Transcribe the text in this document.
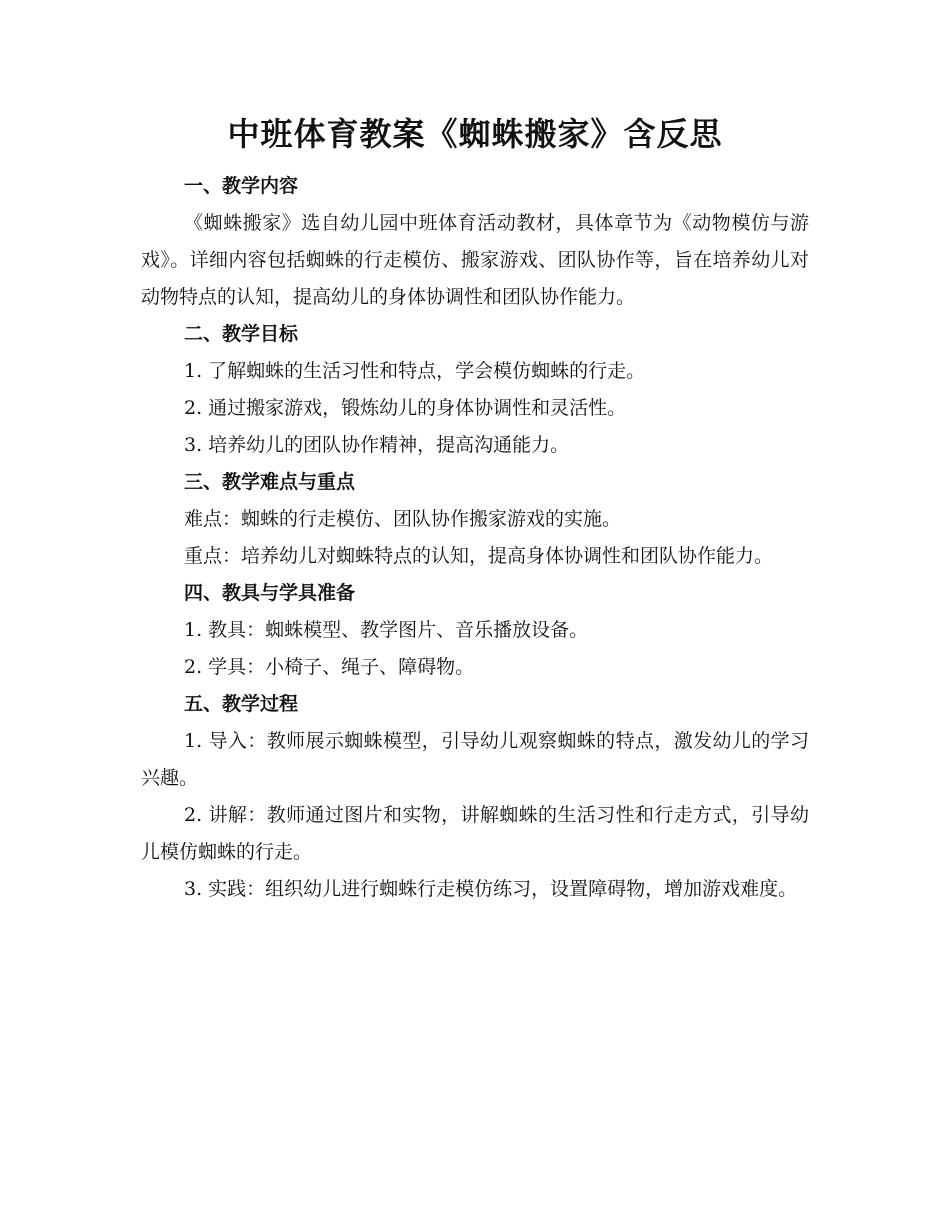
中班体育教案《蜘蛛搬家》含反思

一、教学内容

《蜘蛛搬家》选自幼儿园中班体育活动教材，具体章节为《动物模仿与游戏》。详细内容包括蜘蛛的行走模仿、搬家游戏、团队协作等，旨在培养幼儿对动物特点的认知，提高幼儿的身体协调性和团队协作能力。

二、教学目标

1. 了解蜘蛛的生活习性和特点，学会模仿蜘蛛的行走。

2. 通过搬家游戏，锻炼幼儿的身体协调性和灵活性。

3. 培养幼儿的团队协作精神，提高沟通能力。

三、教学难点与重点

难点：蜘蛛的行走模仿、团队协作搬家游戏的实施。

重点：培养幼儿对蜘蛛特点的认知，提高身体协调性和团队协作能力。

四、教具与学具准备

1. 教具：蜘蛛模型、教学图片、音乐播放设备。

2. 学具：小椅子、绳子、障碍物。

五、教学过程

1. 导入：教师展示蜘蛛模型，引导幼儿观察蜘蛛的特点，激发幼儿的学习兴趣。

2. 讲解：教师通过图片和实物，讲解蜘蛛的生活习性和行走方式，引导幼儿模仿蜘蛛的行走。

3. 实践：组织幼儿进行蜘蛛行走模仿练习，设置障碍物，增加游戏难度。
